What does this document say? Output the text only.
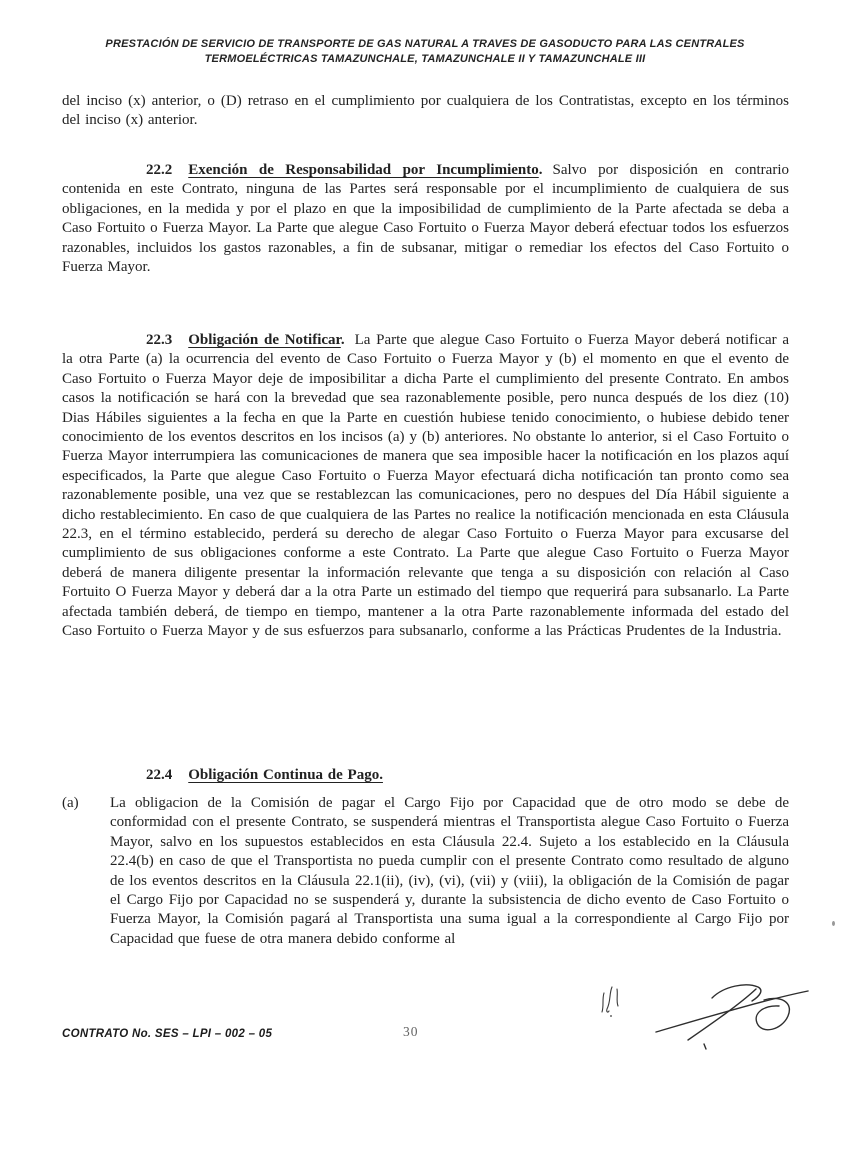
PRESTACIÓN DE SERVICIO DE TRANSPORTE DE GAS NATURAL A TRAVES DE GASODUCTO PARA LAS CENTRALES
TERMOELÉCTRICAS TAMAZUNCHALE, TAMAZUNCHALE II Y TAMAZUNCHALE III

del inciso (x) anterior, o (D) retraso en el cumplimiento por cualquiera de los Contratistas, excepto en los términos del inciso (x) anterior.

22.2 Exención de Responsabilidad por Incumplimiento. Salvo por disposición en contrario contenida en este Contrato, ninguna de las Partes será responsable por el incumplimiento de cualquiera de sus obligaciones, en la medida y por el plazo en que la imposibilidad de cumplimiento de la Parte afectada se deba a Caso Fortuito o Fuerza Mayor. La Parte que alegue Caso Fortuito o Fuerza Mayor deberá efectuar todos los esfuerzos razonables, incluidos los gastos razonables, a fin de subsanar, mitigar o remediar los efectos del Caso Fortuito o Fuerza Mayor.

22.3 Obligación de Notificar. La Parte que alegue Caso Fortuito o Fuerza Mayor deberá notificar a la otra Parte (a) la ocurrencia del evento de Caso Fortuito o Fuerza Mayor y (b) el momento en que el evento de Caso Fortuito o Fuerza Mayor deje de imposibilitar a dicha Parte el cumplimiento del presente Contrato. En ambos casos la notificación se hará con la brevedad que sea razonablemente posible, pero nunca después de los diez (10) Dias Hábiles siguientes a la fecha en que la Parte en cuestión hubiese tenido conocimiento, o hubiese debido tener conocimiento de los eventos descritos en los incisos (a) y (b) anteriores. No obstante lo anterior, si el Caso Fortuito o Fuerza Mayor interrumpiera las comunicaciones de manera que sea imposible hacer la notificación en los plazos aquí especificados, la Parte que alegue Caso Fortuito o Fuerza Mayor efectuará dicha notificación tan pronto como sea razonablemente posible, una vez que se restablezcan las comunicaciones, pero no despues del Día Hábil siguiente a dicho restablecimiento. En caso de que cualquiera de las Partes no realice la notificación mencionada en esta Cláusula 22.3, en el término establecido, perderá su derecho de alegar Caso Fortuito o Fuerza Mayor para excusarse del cumplimiento de sus obligaciones conforme a este Contrato. La Parte que alegue Caso Fortuito o Fuerza Mayor deberá de manera diligente presentar la información relevante que tenga a su disposición con relación al Caso Fortuito O Fuerza Mayor y deberá dar a la otra Parte un estimado del tiempo que requerirá para subsanarlo. La Parte afectada también deberá, de tiempo en tiempo, mantener a la otra Parte razonablemente informada del estado del Caso Fortuito o Fuerza Mayor y de sus esfuerzos para subsanarlo, conforme a las Prácticas Prudentes de la Industria.

22.4 Obligación Continua de Pago.

(a) La obligacion de la Comisión de pagar el Cargo Fijo por Capacidad que de otro modo se debe de conformidad con el presente Contrato, se suspenderá mientras el Transportista alegue Caso Fortuito o Fuerza Mayor, salvo en los supuestos establecidos en esta Cláusula 22.4. Sujeto a los establecido en la Cláusula 22.4(b) en caso de que el Transportista no pueda cumplir con el presente Contrato como resultado de alguno de los eventos descritos en la Cláusula 22.1(ii), (iv), (vi), (vii) y (viii), la obligación de la Comisión de pagar el Cargo Fijo por Capacidad no se suspenderá y, durante la subsistencia de dicho evento de Caso Fortuito o Fuerza Mayor, la Comisión pagará al Transportista una suma igual a la correspondiente al Cargo Fijo por Capacidad que fuese de otra manera debido conforme al
CONTRATO No. SES – LPI – 002 – 05	30
